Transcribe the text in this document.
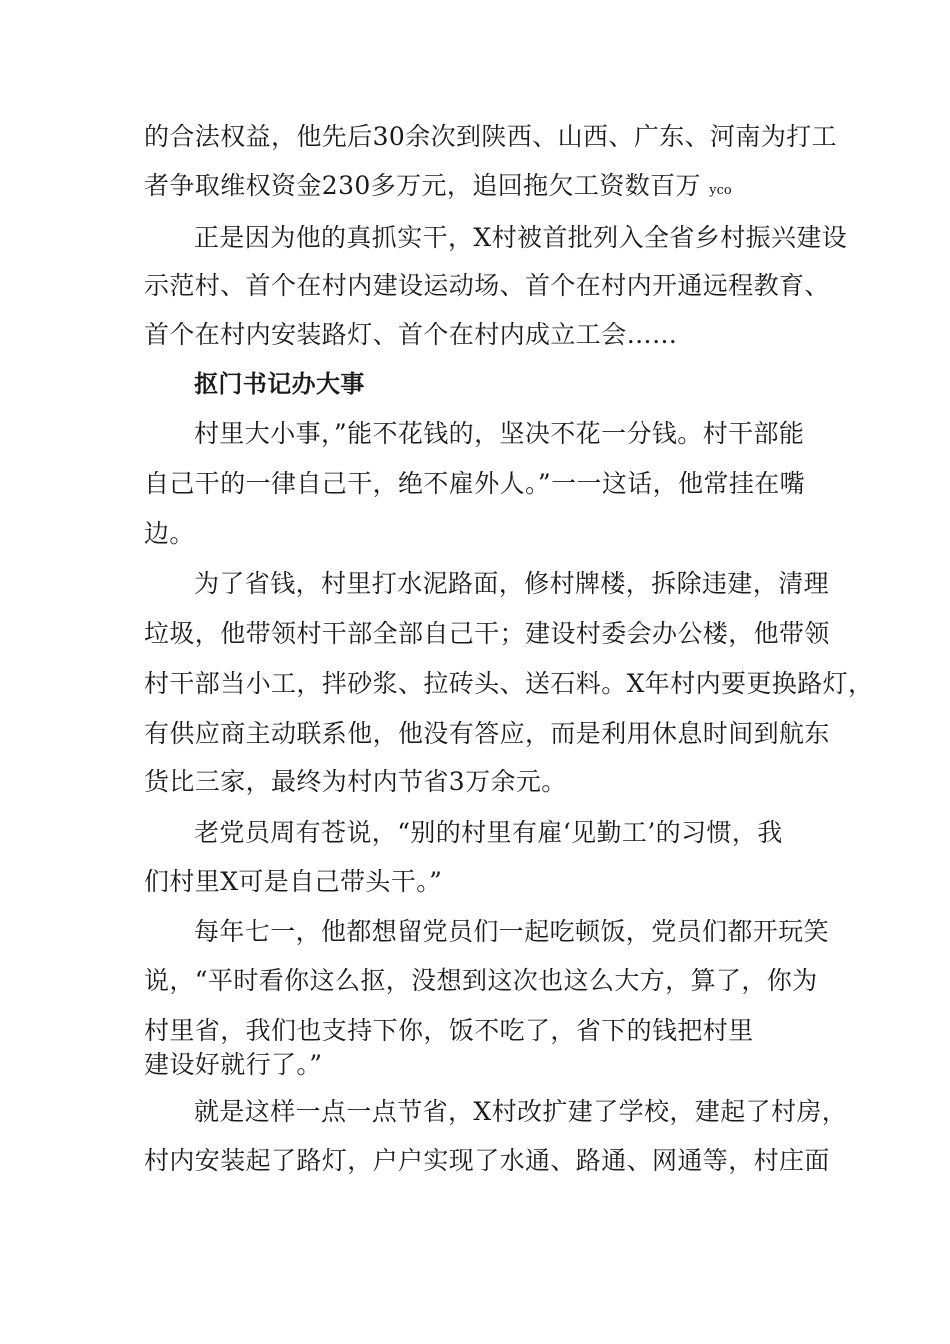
的合法权益，他先后30余次到陕西、山西、广东、河南为打工
者争取维权资金230多万元，追回拖欠工资数百万 yco
正是因为他的真抓实干，X村被首批列入全省乡村振兴建设
示范村、首个在村内建设运动场、首个在村内开通远程教育、
首个在村内安装路灯、首个在村内成立工会……
抠门书记办大事
村里大小事，”能不花钱的，坚决不花一分钱。村干部能
自己干的一律自己干，绝不雇外人。”一一这话，他常挂在嘴
边。
为了省钱，村里打水泥路面，修村牌楼，拆除违建，清理
垃圾，他带领村干部全部自己干；建设村委会办公楼，他带领
村干部当小工，拌砂浆、拉砖头、送石料。X年村内要更换路灯，
有供应商主动联系他，他没有答应，而是利用休息时间到航东
货比三家，最终为村内节省3万余元。
老党员周有苍说，“别的村里有雇‘见勤工’的习惯，我
们村里X可是自己带头干。”
每年七一，他都想留党员们一起吃顿饭，党员们都开玩笑
说，“平时看你这么抠，没想到这次也这么大方，算了，你为
村里省，我们也支持下你，饭不吃了，省下的钱把村里
建设好就行了。”
就是这样一点一点节省，X村改扩建了学校，建起了村房，
村内安装起了路灯，户户实现了水通、路通、网通等，村庄面
